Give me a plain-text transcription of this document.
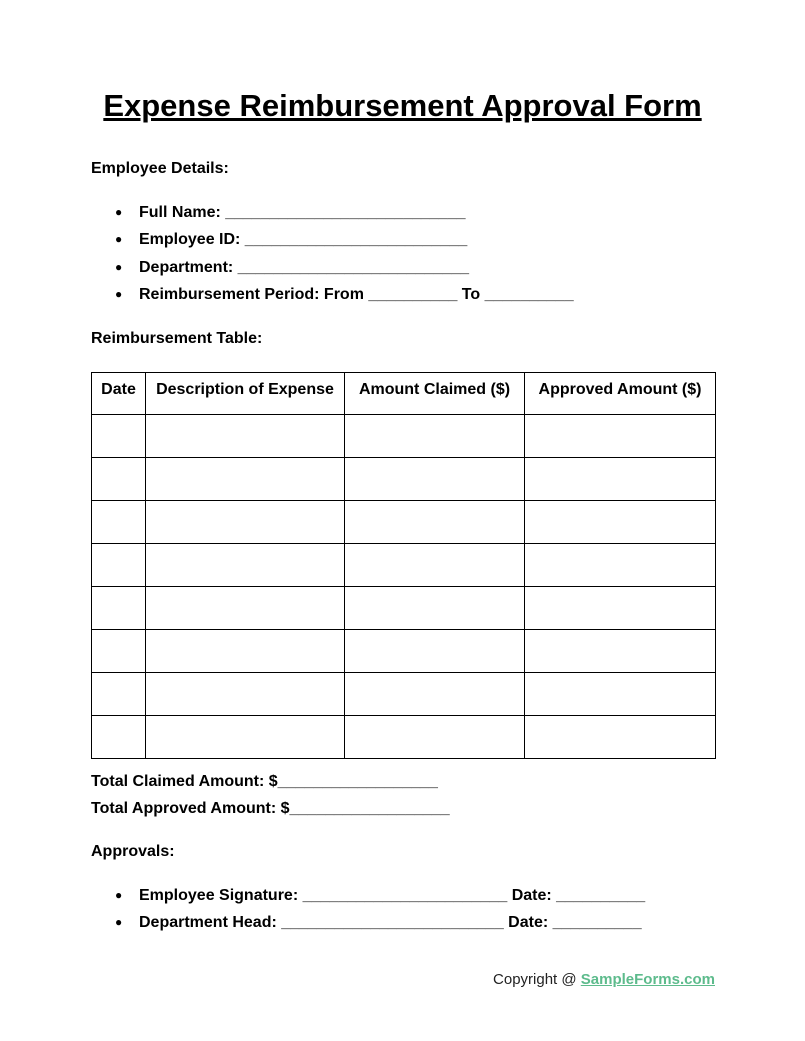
Expense Reimbursement Approval Form
Employee Details:
● Full Name: ___________________________
● Employee ID: _________________________
● Department: __________________________
● Reimbursement Period: From __________ To __________
Reimbursement Table:
Date	Description of Expense	Amount Claimed ($)	Approved Amount ($)

Total Claimed Amount: $__________________
Total Approved Amount: $__________________
Approvals:
● Employee Signature: _______________________ Date: __________
● Department Head: _________________________ Date: __________
Copyright @ SampleForms.com
